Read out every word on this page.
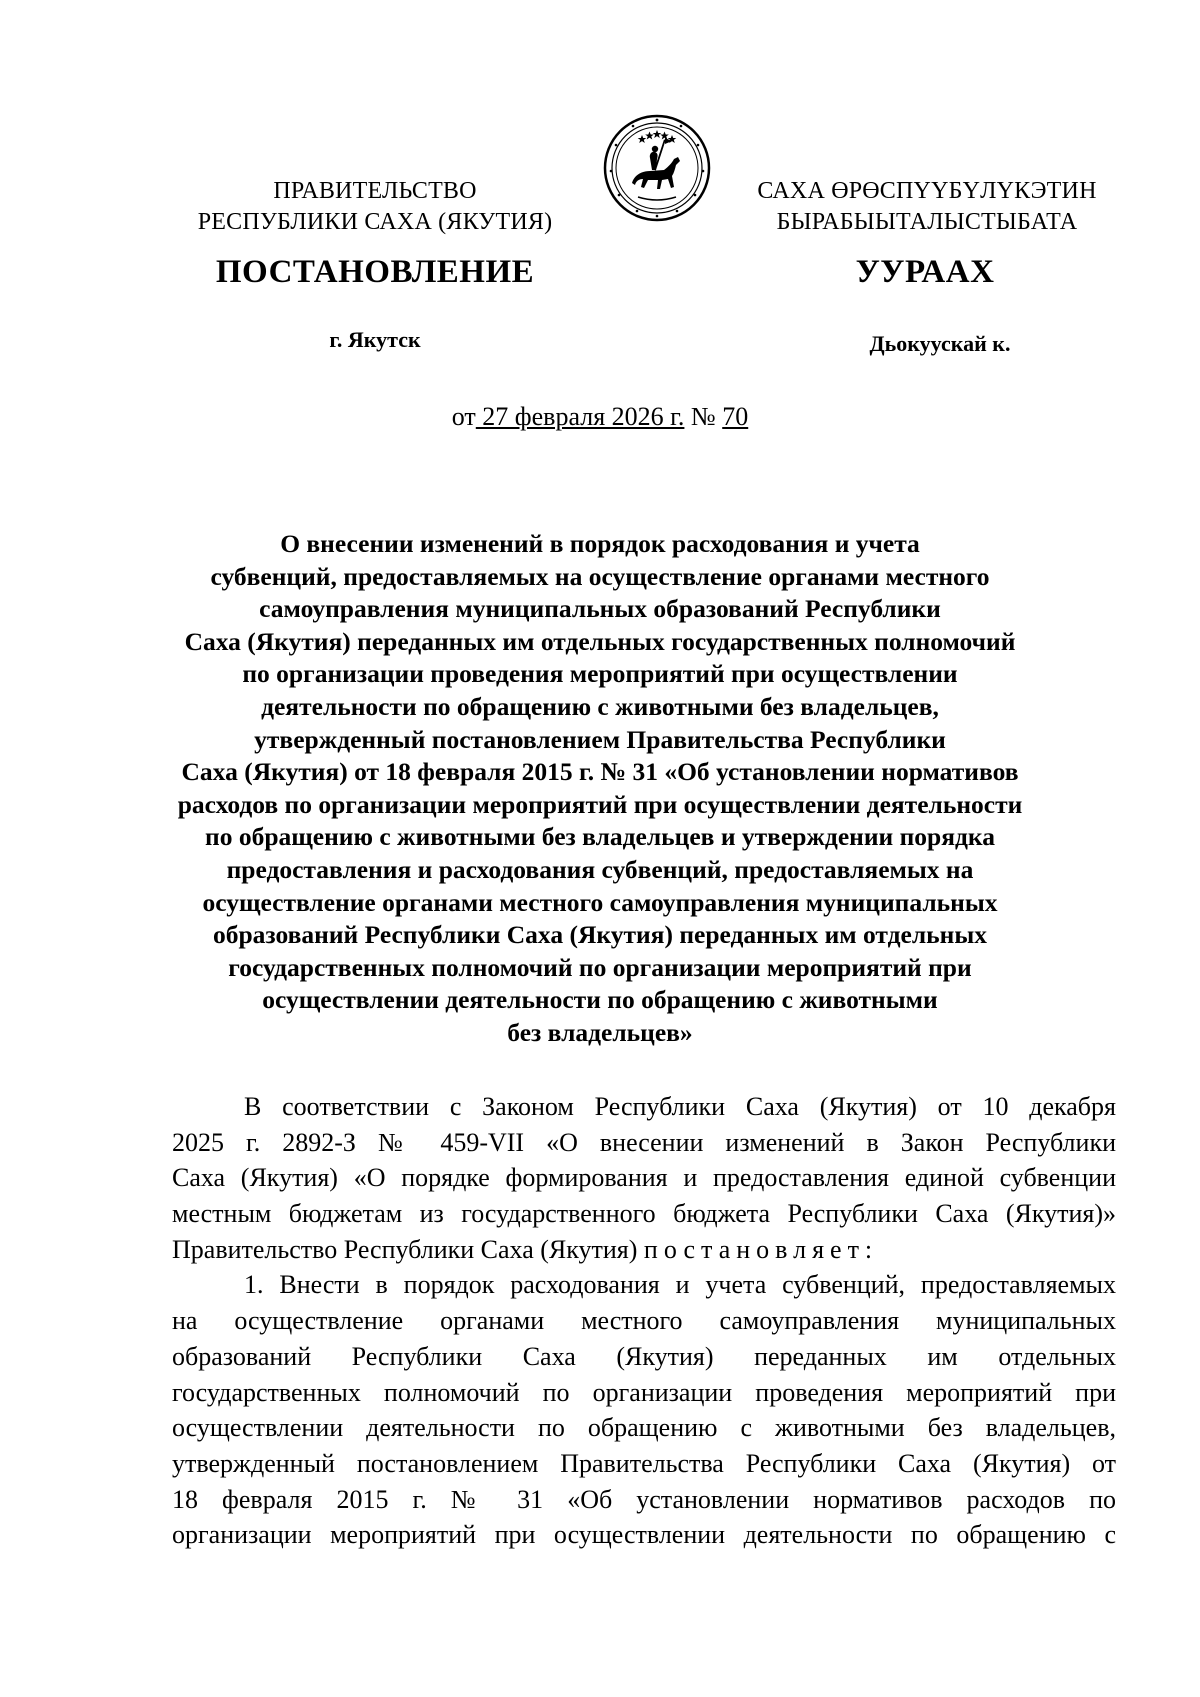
ПРАВИТЕЛЬСТВО
РЕСПУБЛИКИ САХА (ЯКУТИЯ)
САХА ӨРӨСПҮҮБҮЛҮКЭТИН
БЫРАБЫЫТАЛЫСТЫБАТА
ПОСТАНОВЛЕНИЕ	УУРААХ
г. Якутск	Дьокуускай к.
от 27 февраля 2026 г. № 70
О внесении изменений в порядок расходования и учета
субвенций, предоставляемых на осуществление органами местного
самоуправления муниципальных образований Республики
Саха (Якутия) переданных им отдельных государственных полномочий
по организации проведения мероприятий при осуществлении
деятельности по обращению с животными без владельцев,
утвержденный постановлением Правительства Республики
Саха (Якутия) от 18 февраля 2015 г. № 31 «Об установлении нормативов
расходов по организации мероприятий при осуществлении деятельности
по обращению с животными без владельцев и утверждении порядка
предоставления и расходования субвенций, предоставляемых на
осуществление органами местного самоуправления муниципальных
образований Республики Саха (Якутия) переданных им отдельных
государственных полномочий по организации мероприятий при
осуществлении деятельности по обращению с животными
без владельцев»
В соответствии с Законом Республики Саха (Якутия) от 10 декабря
2025 г. 2892-З № 459-VII «О внесении изменений в Закон Республики
Саха (Якутия) «О порядке формирования и предоставления единой субвенции
местным бюджетам из государственного бюджета Республики Саха (Якутия)»
Правительство Республики Саха (Якутия) постановляет:
1. Внести в порядок расходования и учета субвенций, предоставляемых
на осуществление органами местного самоуправления муниципальных
образований Республики Саха (Якутия) переданных им отдельных
государственных полномочий по организации проведения мероприятий при
осуществлении деятельности по обращению с животными без владельцев,
утвержденный постановлением Правительства Республики Саха (Якутия) от
18 февраля 2015 г. № 31 «Об установлении нормативов расходов по
организации мероприятий при осуществлении деятельности по обращению с
